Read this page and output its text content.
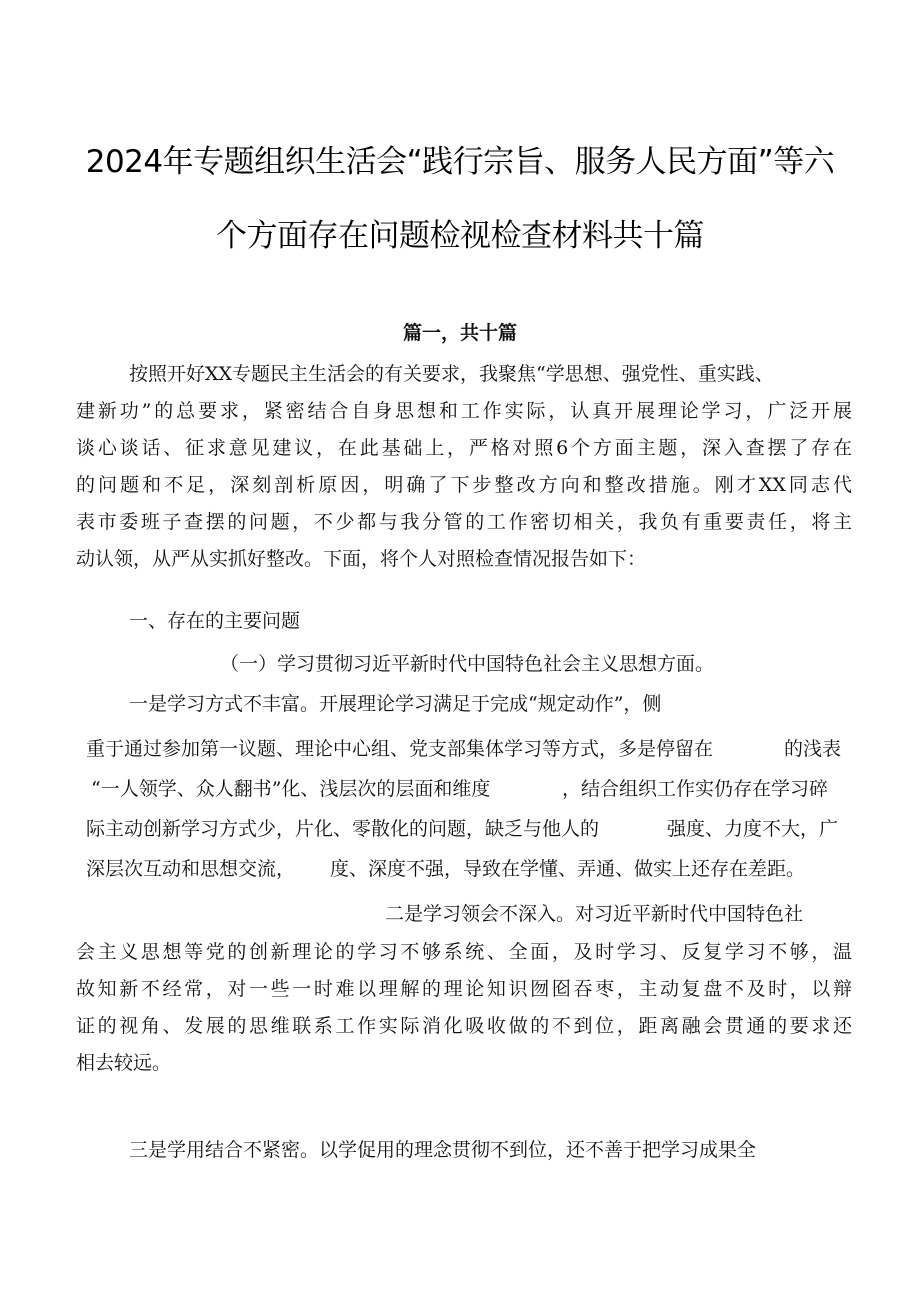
2024年专题组织生活会“践行宗旨、服务人民方面”等六
个方面存在问题检视检查材料共十篇
篇一，共十篇
按照开好XX专题民主生活会的有关要求，我聚焦“学思想、强党性、重实践、
建新功”的总要求，紧密结合自身思想和工作实际，认真开展理论学习，广泛开展
谈心谈话、征求意见建议，在此基础上，严格对照6个方面主题，深入查摆了存在
的问题和不足，深刻剖析原因，明确了下步整改方向和整改措施。刚才XX同志代
表市委班子查摆的问题，不少都与我分管的工作密切相关，我负有重要责任，将主
动认领，从严从实抓好整改。下面，将个人对照检查情况报告如下：
一、存在的主要问题
（一）学习贯彻习近平新时代中国特色社会主义思想方面。
一是学习方式不丰富。开展理论学习满足于完成“规定动作”，侧
重于通过参加第一议题、理论中心组、党支部集体学习等方式，多是停留在	的浅表
“一人领学、众人翻书”化、浅层次的层面和维度	，结合组织工作实仍存在学习碎
际主动创新学习方式少，片化、零散化的问题，缺乏与他人的	强度、力度不大，广
深层次互动和思想交流， 度、深度不强，导致在学懂、弄通、做实上还存在差距。
二是学习领会不深入。对习近平新时代中国特色社
会主义思想等党的创新理论的学习不够系统、全面，及时学习、反复学习不够，温
故知新不经常，对一些一时难以理解的理论知识囫囵吞枣，主动复盘不及时，以辩
证的视角、发展的思维联系工作实际消化吸收做的不到位，距离融会贯通的要求还
相去较远。
三是学用结合不紧密。以学促用的理念贯彻不到位，还不善于把学习成果全
